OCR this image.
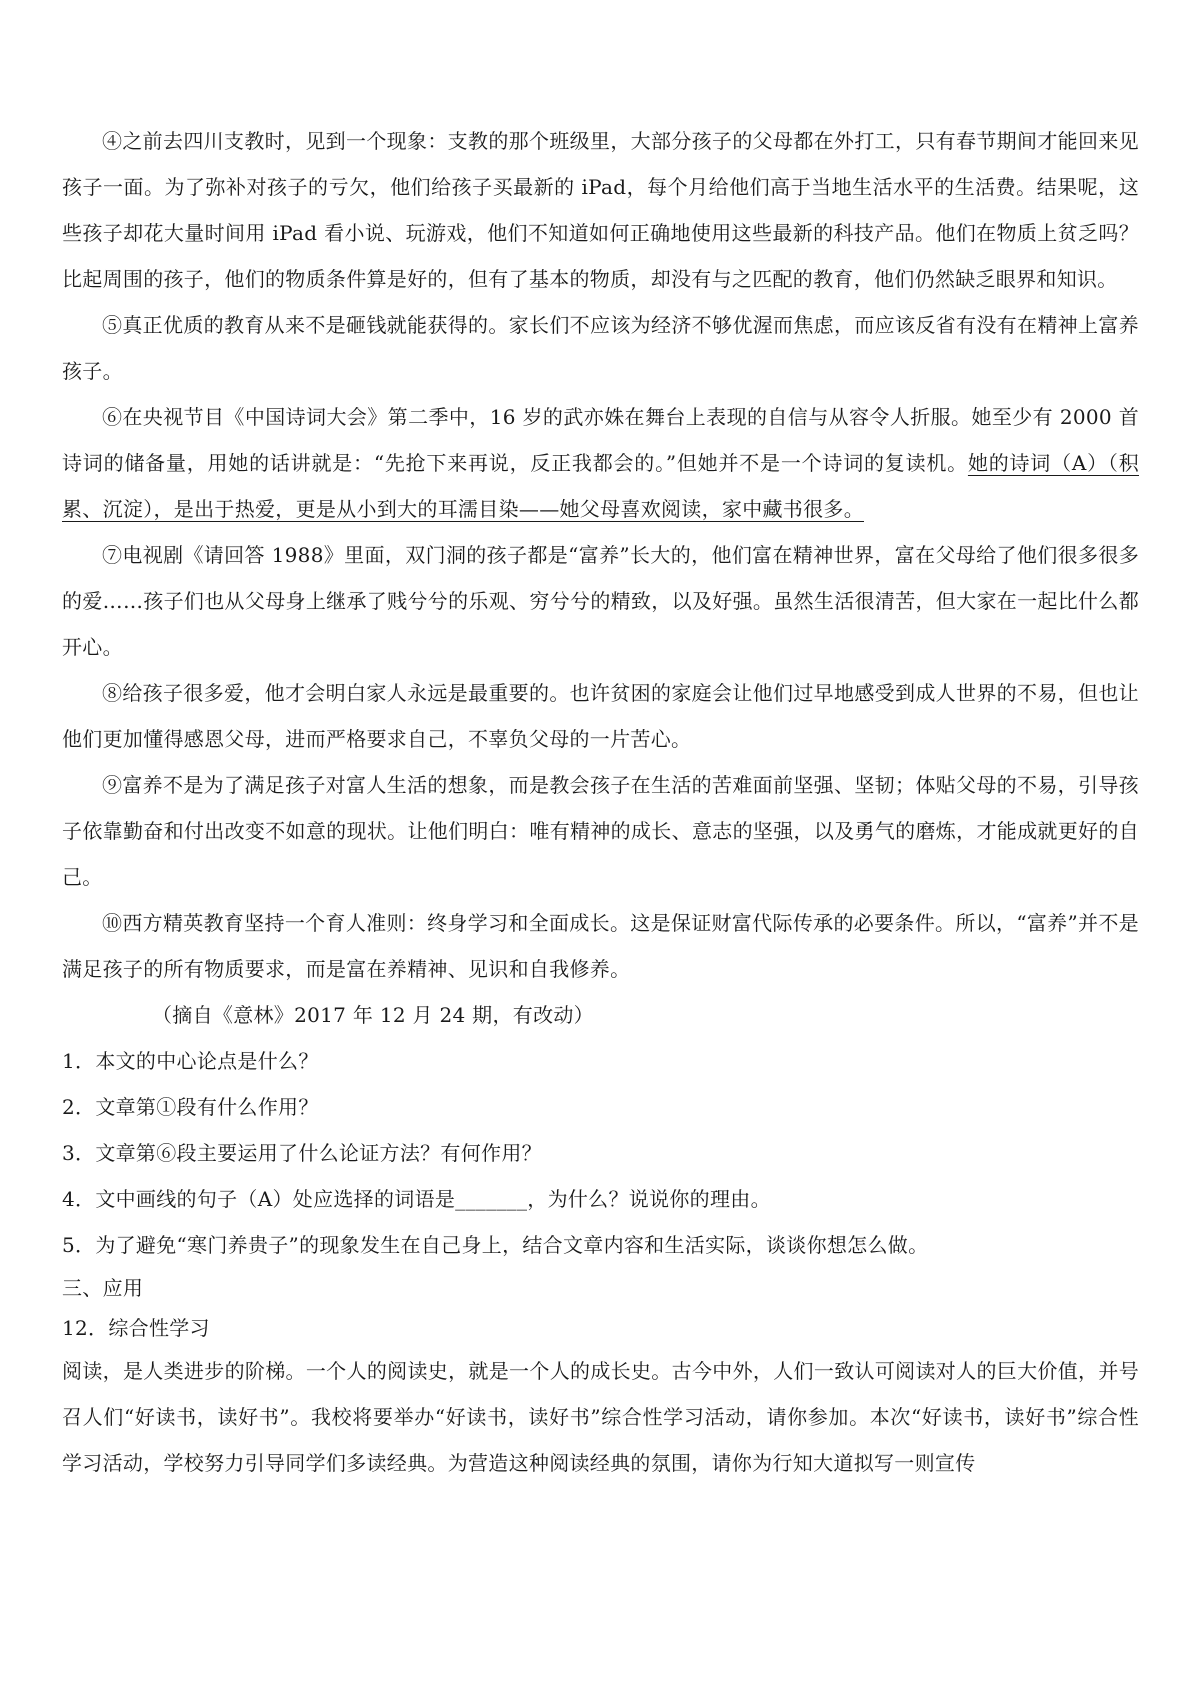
④之前去四川支教时，见到一个现象：支教的那个班级里，大部分孩子的父母都在外打工，只有春节期间才能回来见孩子一面。为了弥补对孩子的亏欠，他们给孩子买最新的 iPad，每个月给他们高于当地生活水平的生活费。结果呢，这些孩子却花大量时间用 iPad 看小说、玩游戏，他们不知道如何正确地使用这些最新的科技产品。他们在物质上贫乏吗？比起周围的孩子，他们的物质条件算是好的，但有了基本的物质，却没有与之匹配的教育，他们仍然缺乏眼界和知识。

⑤真正优质的教育从来不是砸钱就能获得的。家长们不应该为经济不够优渥而焦虑，而应该反省有没有在精神上富养孩子。

⑥在央视节目《中国诗词大会》第二季中，16 岁的武亦姝在舞台上表现的自信与从容令人折服。她至少有 2000 首诗词的储备量，用她的话讲就是：“先抢下来再说，反正我都会的。”但她并不是一个诗词的复读机。她的诗词（A）（积累、沉淀），是出于热爱，更是从小到大的耳濡目染——她父母喜欢阅读，家中藏书很多。

⑦电视剧《请回答 1988》里面，双门洞的孩子都是“富养”长大的，他们富在精神世界，富在父母给了他们很多很多的爱……孩子们也从父母身上继承了贱兮兮的乐观、穷兮兮的精致，以及好强。虽然生活很清苦，但大家在一起比什么都开心。

⑧给孩子很多爱，他才会明白家人永远是最重要的。也许贫困的家庭会让他们过早地感受到成人世界的不易，但也让他们更加懂得感恩父母，进而严格要求自己，不辜负父母的一片苦心。

⑨富养不是为了满足孩子对富人生活的想象，而是教会孩子在生活的苦难面前坚强、坚韧；体贴父母的不易，引导孩子依靠勤奋和付出改变不如意的现状。让他们明白：唯有精神的成长、意志的坚强，以及勇气的磨炼，才能成就更好的自己。

⑩西方精英教育坚持一个育人准则：终身学习和全面成长。这是保证财富代际传承的必要条件。所以，“富养”并不是满足孩子的所有物质要求，而是富在养精神、见识和自我修养。

（摘自《意林》2017 年 12 月 24 期，有改动）

1．本文的中心论点是什么？

2．文章第①段有什么作用？

3．文章第⑥段主要运用了什么论证方法？有何作用？

4．文中画线的句子（A）处应选择的词语是_______，为什么？说说你的理由。

5．为了避免“寒门养贵子”的现象发生在自己身上，结合文章内容和生活实际，谈谈你想怎么做。

三、应用

12．综合性学习

阅读，是人类进步的阶梯。一个人的阅读史，就是一个人的成长史。古今中外，人们一致认可阅读对人的巨大价值，并号召人们“好读书，读好书”。我校将要举办“好读书，读好书”综合性学习活动，请你参加。本次“好读书，读好书”综合性学习活动，学校努力引导同学们多读经典。为营造这种阅读经典的氛围，请你为行知大道拟写一则宣传
